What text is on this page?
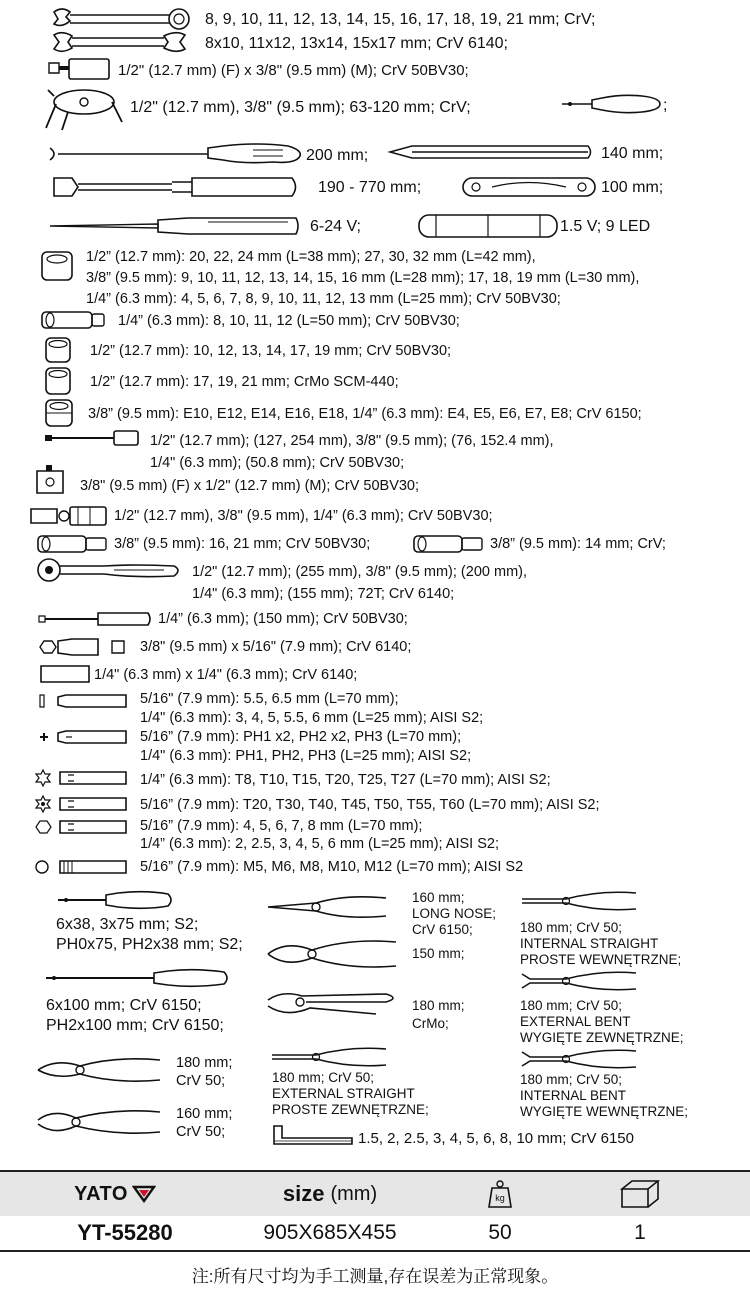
8, 9, 10, 11, 12, 13, 14, 15, 16, 17, 18, 19, 21 mm; CrV;
8x10, 11x12, 13x14, 15x17 mm; CrV 6140;
1/2" (12.7 mm) (F) x 3/8" (9.5 mm) (M); CrV 50BV30;
1/2" (12.7 mm), 3/8" (9.5 mm); 63-120 mm; CrV;	;
200 mm;	140 mm;
190 - 770 mm;	100 mm;
6-24 V;	1.5 V; 9 LED
1/2” (12.7 mm): 20, 22, 24 mm (L=38 mm); 27, 30, 32 mm (L=42 mm),
3/8” (9.5 mm): 9, 10, 11, 12, 13, 14, 15, 16 mm (L=28 mm); 17, 18, 19 mm (L=30 mm),
1/4” (6.3 mm): 4, 5, 6, 7, 8, 9, 10, 11, 12, 13 mm (L=25 mm); CrV 50BV30;
1/4” (6.3 mm): 8, 10, 11, 12 (L=50 mm); CrV 50BV30;
1/2” (12.7 mm): 10, 12, 13, 14, 17, 19 mm; CrV 50BV30;
1/2” (12.7 mm): 17, 19, 21 mm; CrMo SCM-440;
3/8” (9.5 mm): E10, E12, E14, E16, E18, 1/4” (6.3 mm): E4, E5, E6, E7, E8; CrV 6150;
1/2" (12.7 mm); (127, 254 mm), 3/8" (9.5 mm); (76, 152.4 mm),
1/4" (6.3 mm); (50.8 mm); CrV 50BV30;
3/8" (9.5 mm) (F) x 1/2" (12.7 mm) (M); CrV 50BV30;
1/2" (12.7 mm), 3/8" (9.5 mm), 1/4” (6.3 mm); CrV 50BV30;
3/8” (9.5 mm): 16, 21 mm; CrV 50BV30;	3/8” (9.5 mm): 14 mm; CrV;
1/2" (12.7 mm); (255 mm), 3/8" (9.5 mm); (200 mm),
1/4" (6.3 mm); (155 mm); 72T; CrV 6140;
1/4” (6.3 mm); (150 mm); CrV 50BV30;
3/8" (9.5 mm) x 5/16" (7.9 mm); CrV 6140;
1/4" (6.3 mm) x 1/4" (6.3 mm); CrV 6140;
5/16" (7.9 mm): 5.5, 6.5 mm (L=70 mm);
1/4" (6.3 mm): 3, 4, 5, 5.5, 6 mm (L=25 mm); AISI S2;
5/16” (7.9 mm): PH1 x2, PH2 x2, PH3 (L=70 mm);
1/4" (6.3 mm): PH1, PH2, PH3 (L=25 mm); AISI S2;
1/4” (6.3 mm): T8, T10, T15, T20, T25, T27 (L=70 mm); AISI S2;
5/16” (7.9 mm): T20, T30, T40, T45, T50, T55, T60 (L=70 mm); AISI S2;
5/16” (7.9 mm): 4, 5, 6, 7, 8 mm (L=70 mm);
1/4” (6.3 mm): 2, 2.5, 3, 4, 5, 6 mm (L=25 mm); AISI S2;
5/16” (7.9 mm): M5, M6, M8, M10, M12 (L=70 mm); AISI S2
6x38, 3x75 mm; S2;
PH0x75, PH2x38 mm; S2;
6x100 mm; CrV 6150;
PH2x100 mm; CrV 6150;
180 mm;
CrV 50;
160 mm;
CrV 50;
160 mm;
LONG NOSE;
CrV 6150;
150 mm;
180 mm;
CrMo;
180 mm; CrV 50;
EXTERNAL STRAIGHT
PROSTE ZEWNĘTRZNE;
180 mm; CrV 50;
INTERNAL STRAIGHT
PROSTE WEWNĘTRZNE;
180 mm; CrV 50;
EXTERNAL BENT
WYGIĘTE ZEWNĘTRZNE;
180 mm; CrV 50;
INTERNAL BENT
WYGIĘTE WEWNĘTRZNE;
1.5, 2, 2.5, 3, 4, 5, 6, 8, 10 mm; CrV 6150
YATO	size (mm)	kg
YT-55280	905X685X455	50	1
注:所有尺寸均为手工测量,存在误差为正常现象。
